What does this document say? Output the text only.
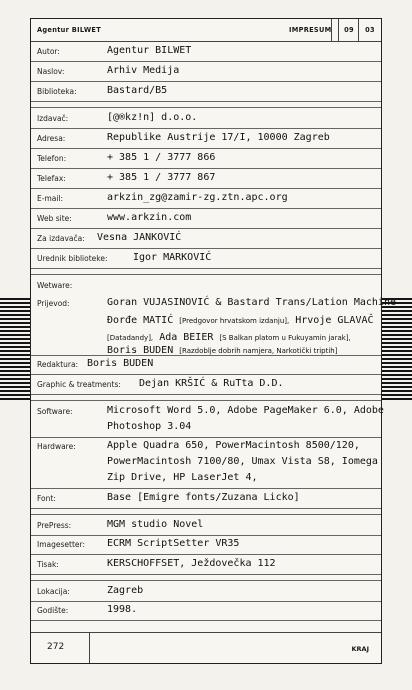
Agentur BILWET	IMPRESUM	09	03
Autor:	Agentur BILWET
Naslov:	Arhiv Medija
Biblioteka:	Bastard/B5
Izdavač:	[@®kz!n] d.o.o.
Adresa:	Republike Austrije 17/I, 10000 Zagreb
Telefon:	+ 385 1 / 3777 866
Telefax:	+ 385 1 / 3777 867
E-mail:	arkzin_zg@zamir-zg.ztn.apc.org
Web site:	www.arkzin.com
Za izdavača: Vesna JANKOVIĆ
Urednik biblioteke:	Igor MARKOVIĆ
Wetware:
Prijevod:	Goran VUJASINOVIĆ & Bastard Trans/Lation Machine
Đorđe MATIĆ [Predgovor hrvatskom izdanju], Hrvoje GLAVAČ
[Datadandy], Ada BEIER [S Balkan platom u Fukuyamin jarak],
Boris BUDEN [Razdoblje dobrih namjera, Narkotički triptih]
Redaktura: Boris BUDEN
Graphic & treatments: Dejan KRŠIĆ & RuTta D.D.
Software:	Microsoft Word 5.0, Adobe PageMaker 6.0, Adobe
Photoshop 3.04
Hardware:	Apple Quadra 650, PowerMacintosh 8500/120,
PowerMacintosh 7100/80, Umax Vista S8, Iomega
Zip Drive, HP LaserJet 4,
Font:	Base [Emigre fonts/Zuzana Licko]
PrePress:	MGM studio Novel
Imagesetter: ECRM ScriptSetter VR35
Tisak:	KERSCHOFFSET, Ježdovečka 112
Lokacija:	Zagreb
Godište:	1998.
272	KRAJ
